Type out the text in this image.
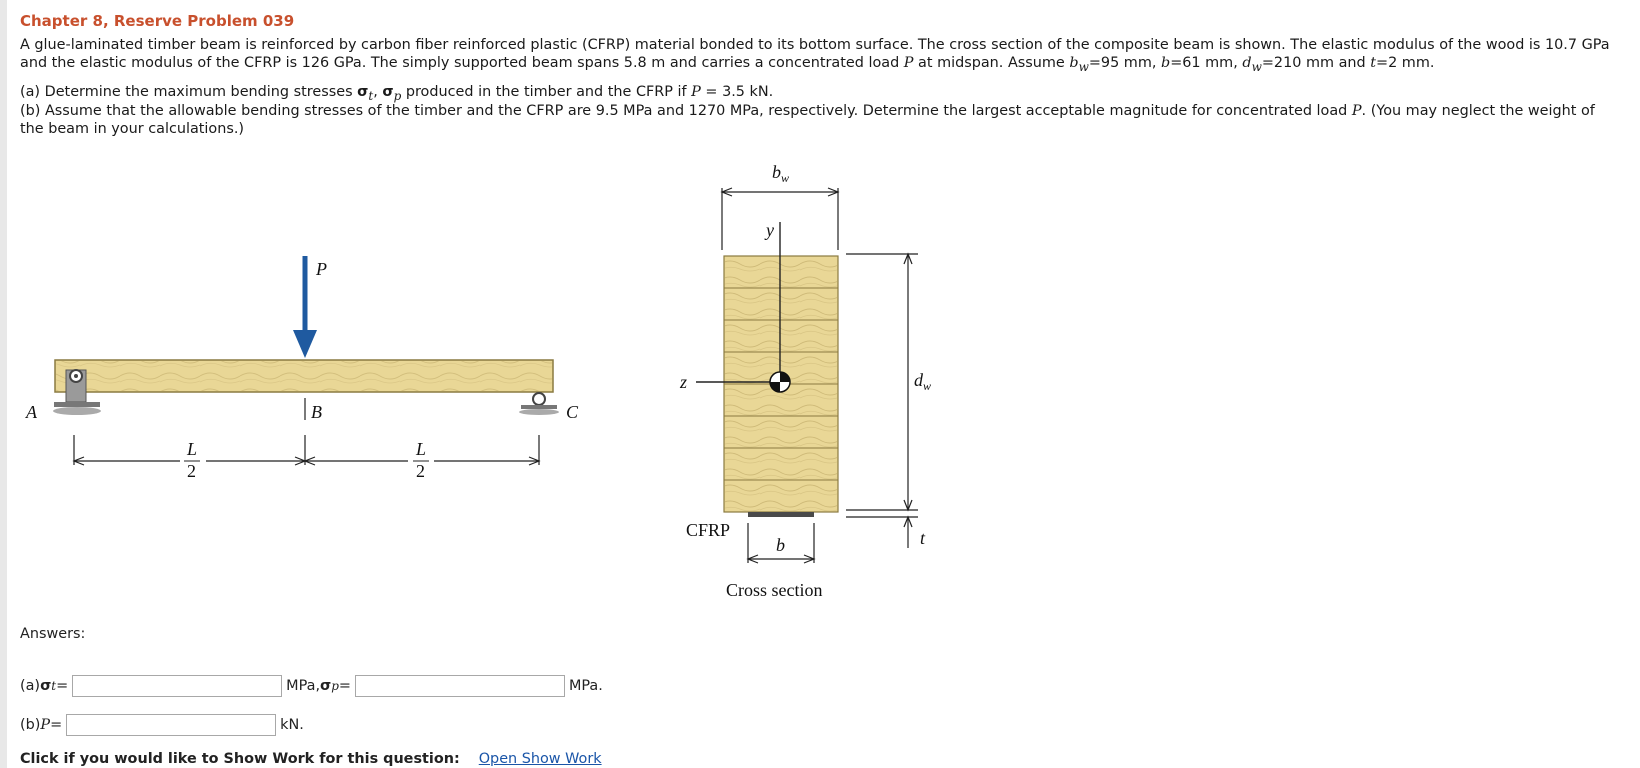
Chapter 8, Reserve Problem 039

A glue-laminated timber beam is reinforced by carbon fiber reinforced plastic (CFRP) material bonded to its bottom surface. The cross section of the composite beam is shown. The elastic modulus of the wood is 10.7 GPa and the elastic modulus of the CFRP is 126 GPa. The simply supported beam spans 5.8 m and carries a concentrated load P at midspan. Assume $b_w=95$ mm, b=61 mm, $d_w=210$ mm and t=2 mm.

(a) Determine the maximum bending stresses $\sigma_t$, $\sigma_p$ produced in the timber and the CFRP if P = 3.5 kN.

(b) Assume that the allowable bending stresses of the timber and the CFRP are 9.5 MPa and 1270 MPa, respectively. Determine the largest acceptable magnitude for concentrated load P. (You may neglect the weight of the beam in your calculations.)

P
A	C
B
L
2
L
2
$b_w$
y
z	$d_w$
t
b
CFRP
Cross section
Answers:
(a) σ t =	MPa, σ p =	MPa.
(b) P =	kN.
Click if you would like to Show Work for this question: Open Show Work
